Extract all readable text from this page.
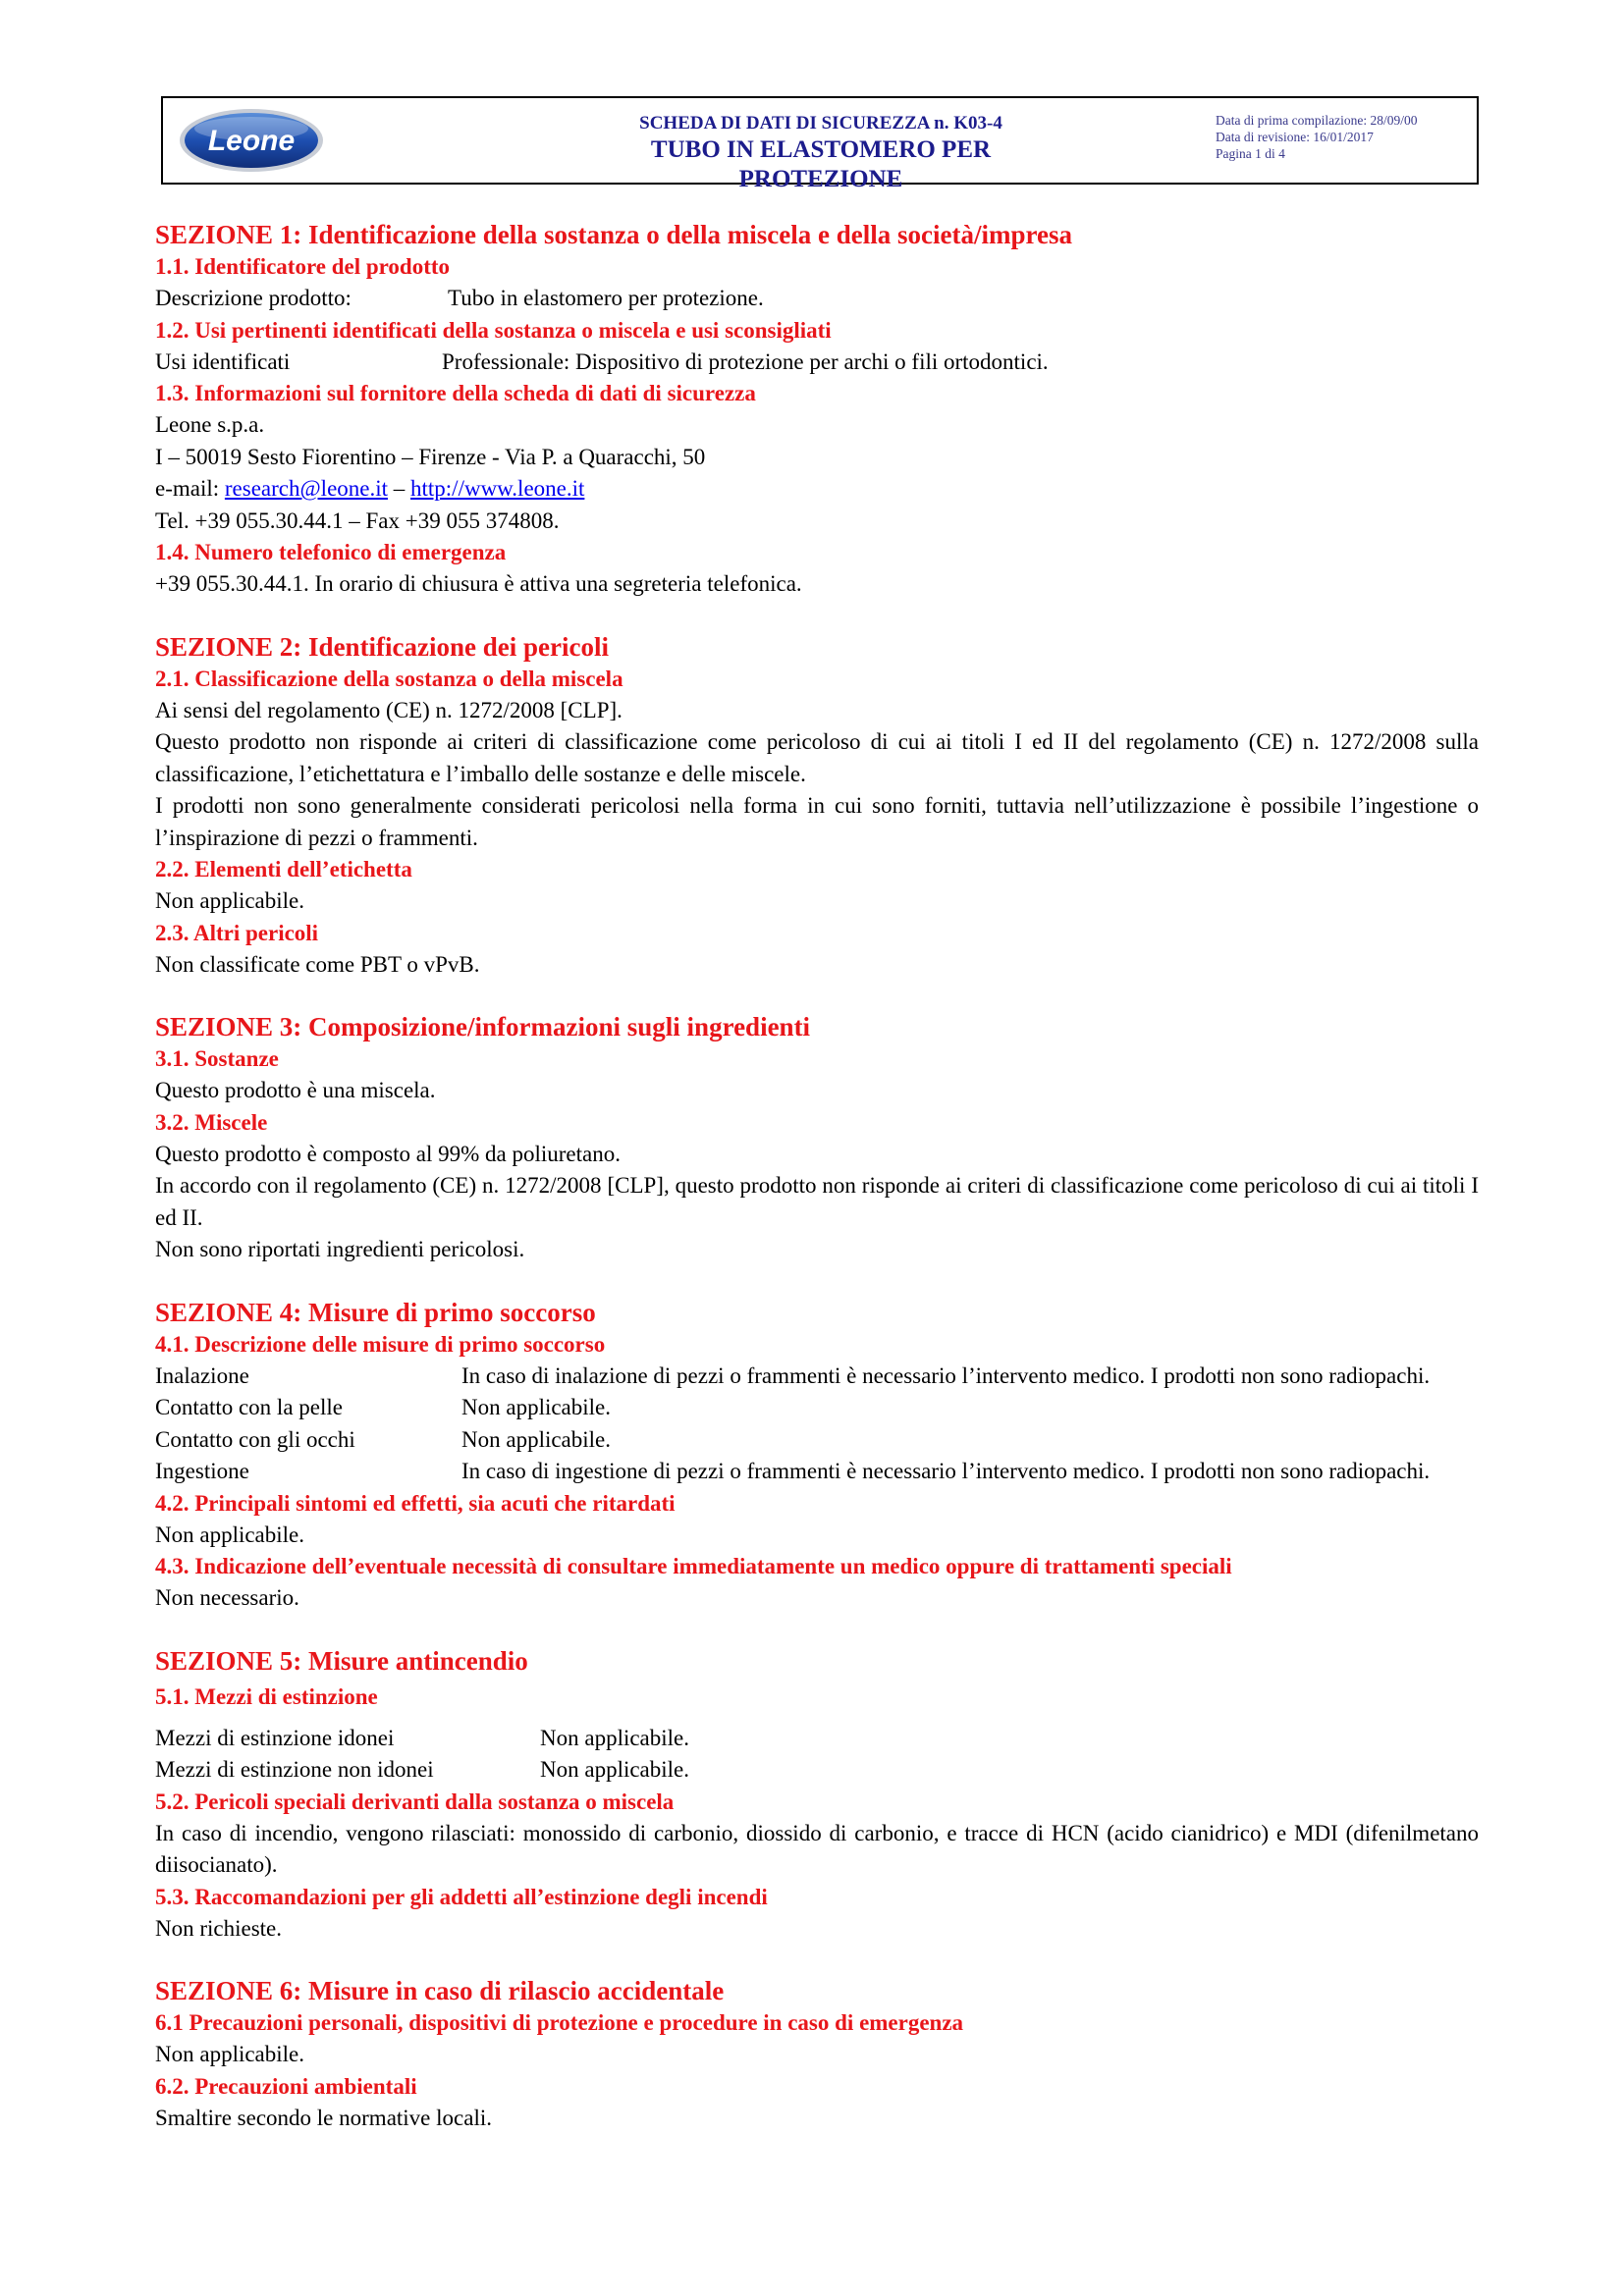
Leone
SCHEDA DI DATI DI SICUREZZA n. K03-4
TUBO IN ELASTOMERO PER PROTEZIONE
Data di prima compilazione: 28/09/00
Data di revisione: 16/01/2017
Pagina 1 di 4
SEZIONE 1: Identificazione della sostanza o della miscela e della società/impresa
1.1. Identificatore del prodotto
Descrizione prodotto:	Tubo in elastomero per protezione.
1.2. Usi pertinenti identificati della sostanza o miscela e usi sconsigliati
Usi identificati	Professionale: Dispositivo di protezione per archi o fili ortodontici.
1.3. Informazioni sul fornitore della scheda di dati di sicurezza
Leone s.p.a.
I – 50019 Sesto Fiorentino – Firenze - Via P. a Quaracchi, 50
e-mail: research@leone.it – http://www.leone.it
Tel. +39 055.30.44.1 – Fax +39 055 374808.
1.4. Numero telefonico di emergenza
+39 055.30.44.1. In orario di chiusura è attiva una segreteria telefonica.
SEZIONE 2: Identificazione dei pericoli
2.1. Classificazione della sostanza o della miscela
Ai sensi del regolamento (CE) n. 1272/2008 [CLP].
Questo prodotto non risponde ai criteri di classificazione come pericoloso di cui ai titoli I ed II del regolamento (CE) n. 1272/2008 sulla classificazione, l’etichettatura e l’imballo delle sostanze e delle miscele.
I prodotti non sono generalmente considerati pericolosi nella forma in cui sono forniti, tuttavia nell’utilizzazione è possibile l’ingestione o l’inspirazione di pezzi o frammenti.
2.2. Elementi dell’etichetta
Non applicabile.
2.3. Altri pericoli
Non classificate come PBT o vPvB.
SEZIONE 3: Composizione/informazioni sugli ingredienti
3.1. Sostanze
Questo prodotto è una miscela.
3.2. Miscele
Questo prodotto è composto al 99% da poliuretano.
In accordo con il regolamento (CE) n. 1272/2008 [CLP], questo prodotto non risponde ai criteri di classificazione come pericoloso di cui ai titoli I ed II.
Non sono riportati ingredienti pericolosi.
SEZIONE 4: Misure di primo soccorso
4.1. Descrizione delle misure di primo soccorso
Inalazione	In caso di inalazione di pezzi o frammenti è necessario l’intervento medico. I prodotti non sono radiopachi.
Contatto con la pelle	Non applicabile.
Contatto con gli occhi	Non applicabile.
Ingestione	In caso di ingestione di pezzi o frammenti è necessario l’intervento medico. I prodotti non sono radiopachi.
4.2. Principali sintomi ed effetti, sia acuti che ritardati
Non applicabile.
4.3. Indicazione dell’eventuale necessità di consultare immediatamente un medico oppure di trattamenti speciali
Non necessario.
SEZIONE 5: Misure antincendio
5.1. Mezzi di estinzione
Mezzi di estinzione idonei	Non applicabile.
Mezzi di estinzione non idonei	Non applicabile.
5.2. Pericoli speciali derivanti dalla sostanza o miscela
In caso di incendio, vengono rilasciati: monossido di carbonio, diossido di carbonio, e tracce di HCN (acido cianidrico) e MDI (difenilmetano diisocianato).
5.3. Raccomandazioni per gli addetti all’estinzione degli incendi
Non richieste.
SEZIONE 6: Misure in caso di rilascio accidentale
6.1 Precauzioni personali, dispositivi di protezione e procedure in caso di emergenza
Non applicabile.
6.2. Precauzioni ambientali
Smaltire secondo le normative locali.
